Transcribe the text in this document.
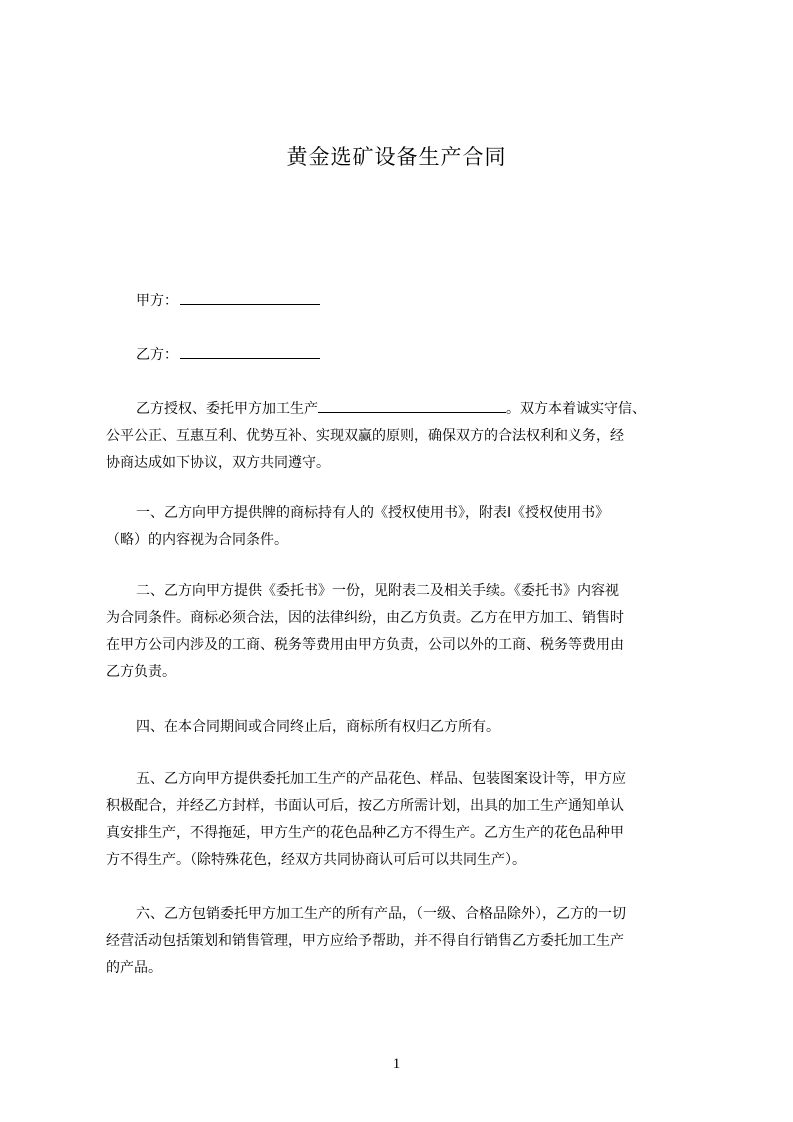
黄金选矿设备生产合同
甲方：
乙方：
乙方授权、委托甲方加工生产	。双方本着诚实守信、
公平公正、互惠互利、优势互补、实现双赢的原则，确保双方的合法权利和义务，经
协商达成如下协议，双方共同遵守。
一、乙方向甲方提供牌的商标持有人的《授权使用书》，附表I《授权使用书》
（略）的内容视为合同条件。
二、乙方向甲方提供《委托书》一份，见附表二及相关手续。《委托书》内容视
为合同条件。商标必须合法，因的法律纠纷，由乙方负责。乙方在甲方加工、销售时
在甲方公司内涉及的工商、税务等费用由甲方负责，公司以外的工商、税务等费用由
乙方负责。
四、在本合同期间或合同终止后，商标所有权归乙方所有。
五、乙方向甲方提供委托加工生产的产品花色、样品、包装图案设计等，甲方应
积极配合，并经乙方封样，书面认可后，按乙方所需计划，出具的加工生产通知单认
真安排生产，不得拖延，甲方生产的花色品种乙方不得生产。乙方生产的花色品种甲
方不得生产。（除特殊花色，经双方共同协商认可后可以共同生产）。
六、乙方包销委托甲方加工生产的所有产品，（一级、合格品除外），乙方的一切
经营活动包括策划和销售管理，甲方应给予帮助，并不得自行销售乙方委托加工生产
的产品。
1
